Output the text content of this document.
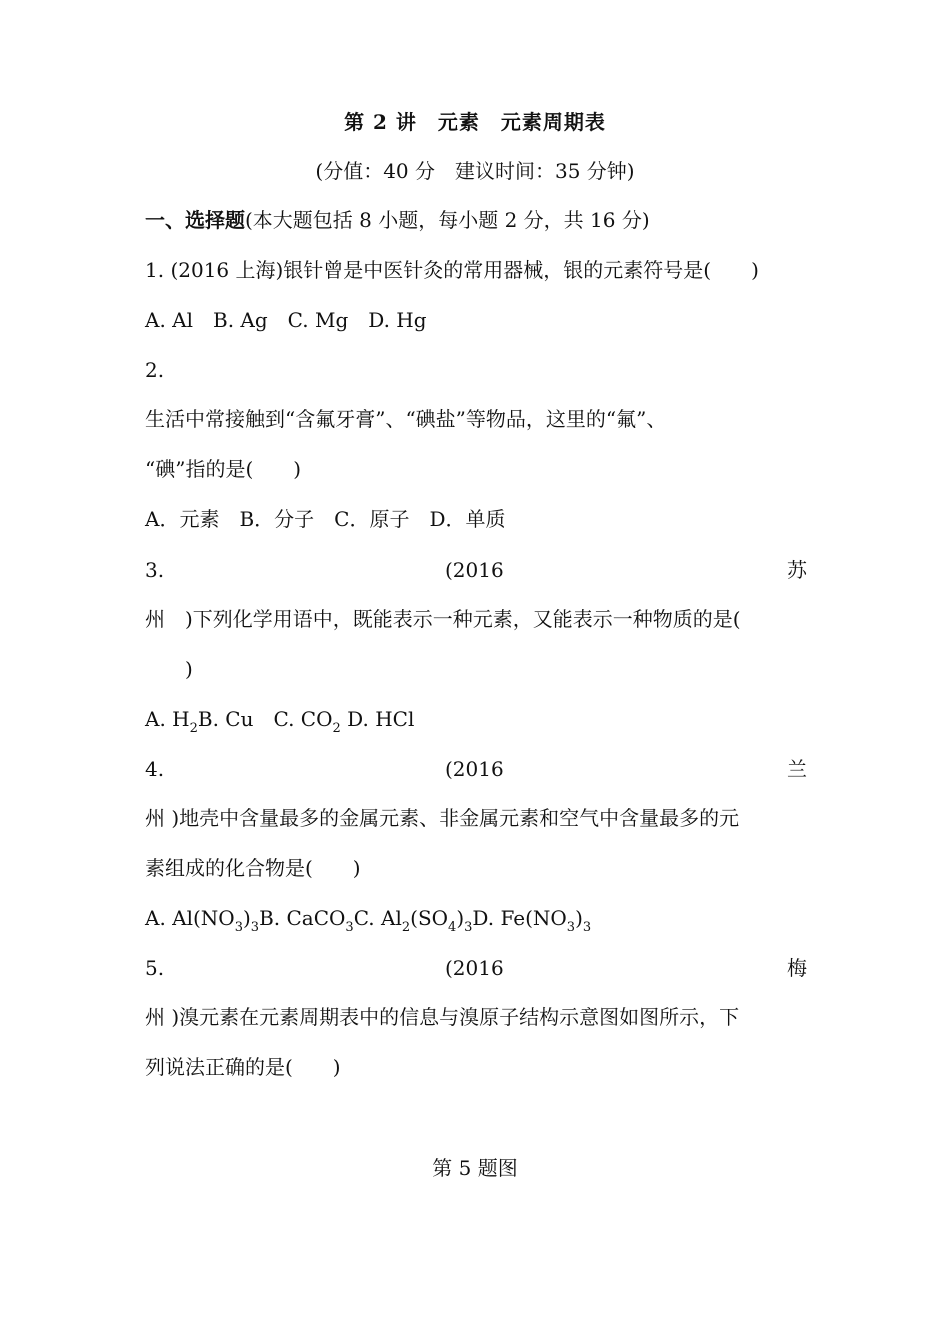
第 2 讲　元素　元素周期表
(分值：40 分　建议时间：35 分钟)
一、选择题(本大题包括 8 小题，每小题 2 分，共 16 分)
1. (2016 上海)银针曾是中医针灸的常用器械，银的元素符号是(　　)
A. Al　B. Ag　C. Mg　D. Hg
2.
生活中常接触到“含氟牙膏”、“碘盐”等物品，这里的“氟”、
“碘”指的是(　　)
A．元素　B．分子　C．原子　D．单质
3.	(2016	苏
州　)下列化学用语中，既能表示一种元素，又能表示一种物质的是(
　　)
A. $H_2B$. Cu C. $CO_2$ D. HCl
4.	(2016	兰
州 )地壳中含量最多的金属元素、非金属元素和空气中含量最多的元
素组成的化合物是(　　)
A. $Al(NO_3)_3B$. CaCO$_3$C. $Al_2(SO_4)_3D$. $Fe(NO_3)_3$
5.	(2016	梅
州 )溴元素在元素周期表中的信息与溴原子结构示意图如图所示，下
列说法正确的是(　　)
第 5 题图
